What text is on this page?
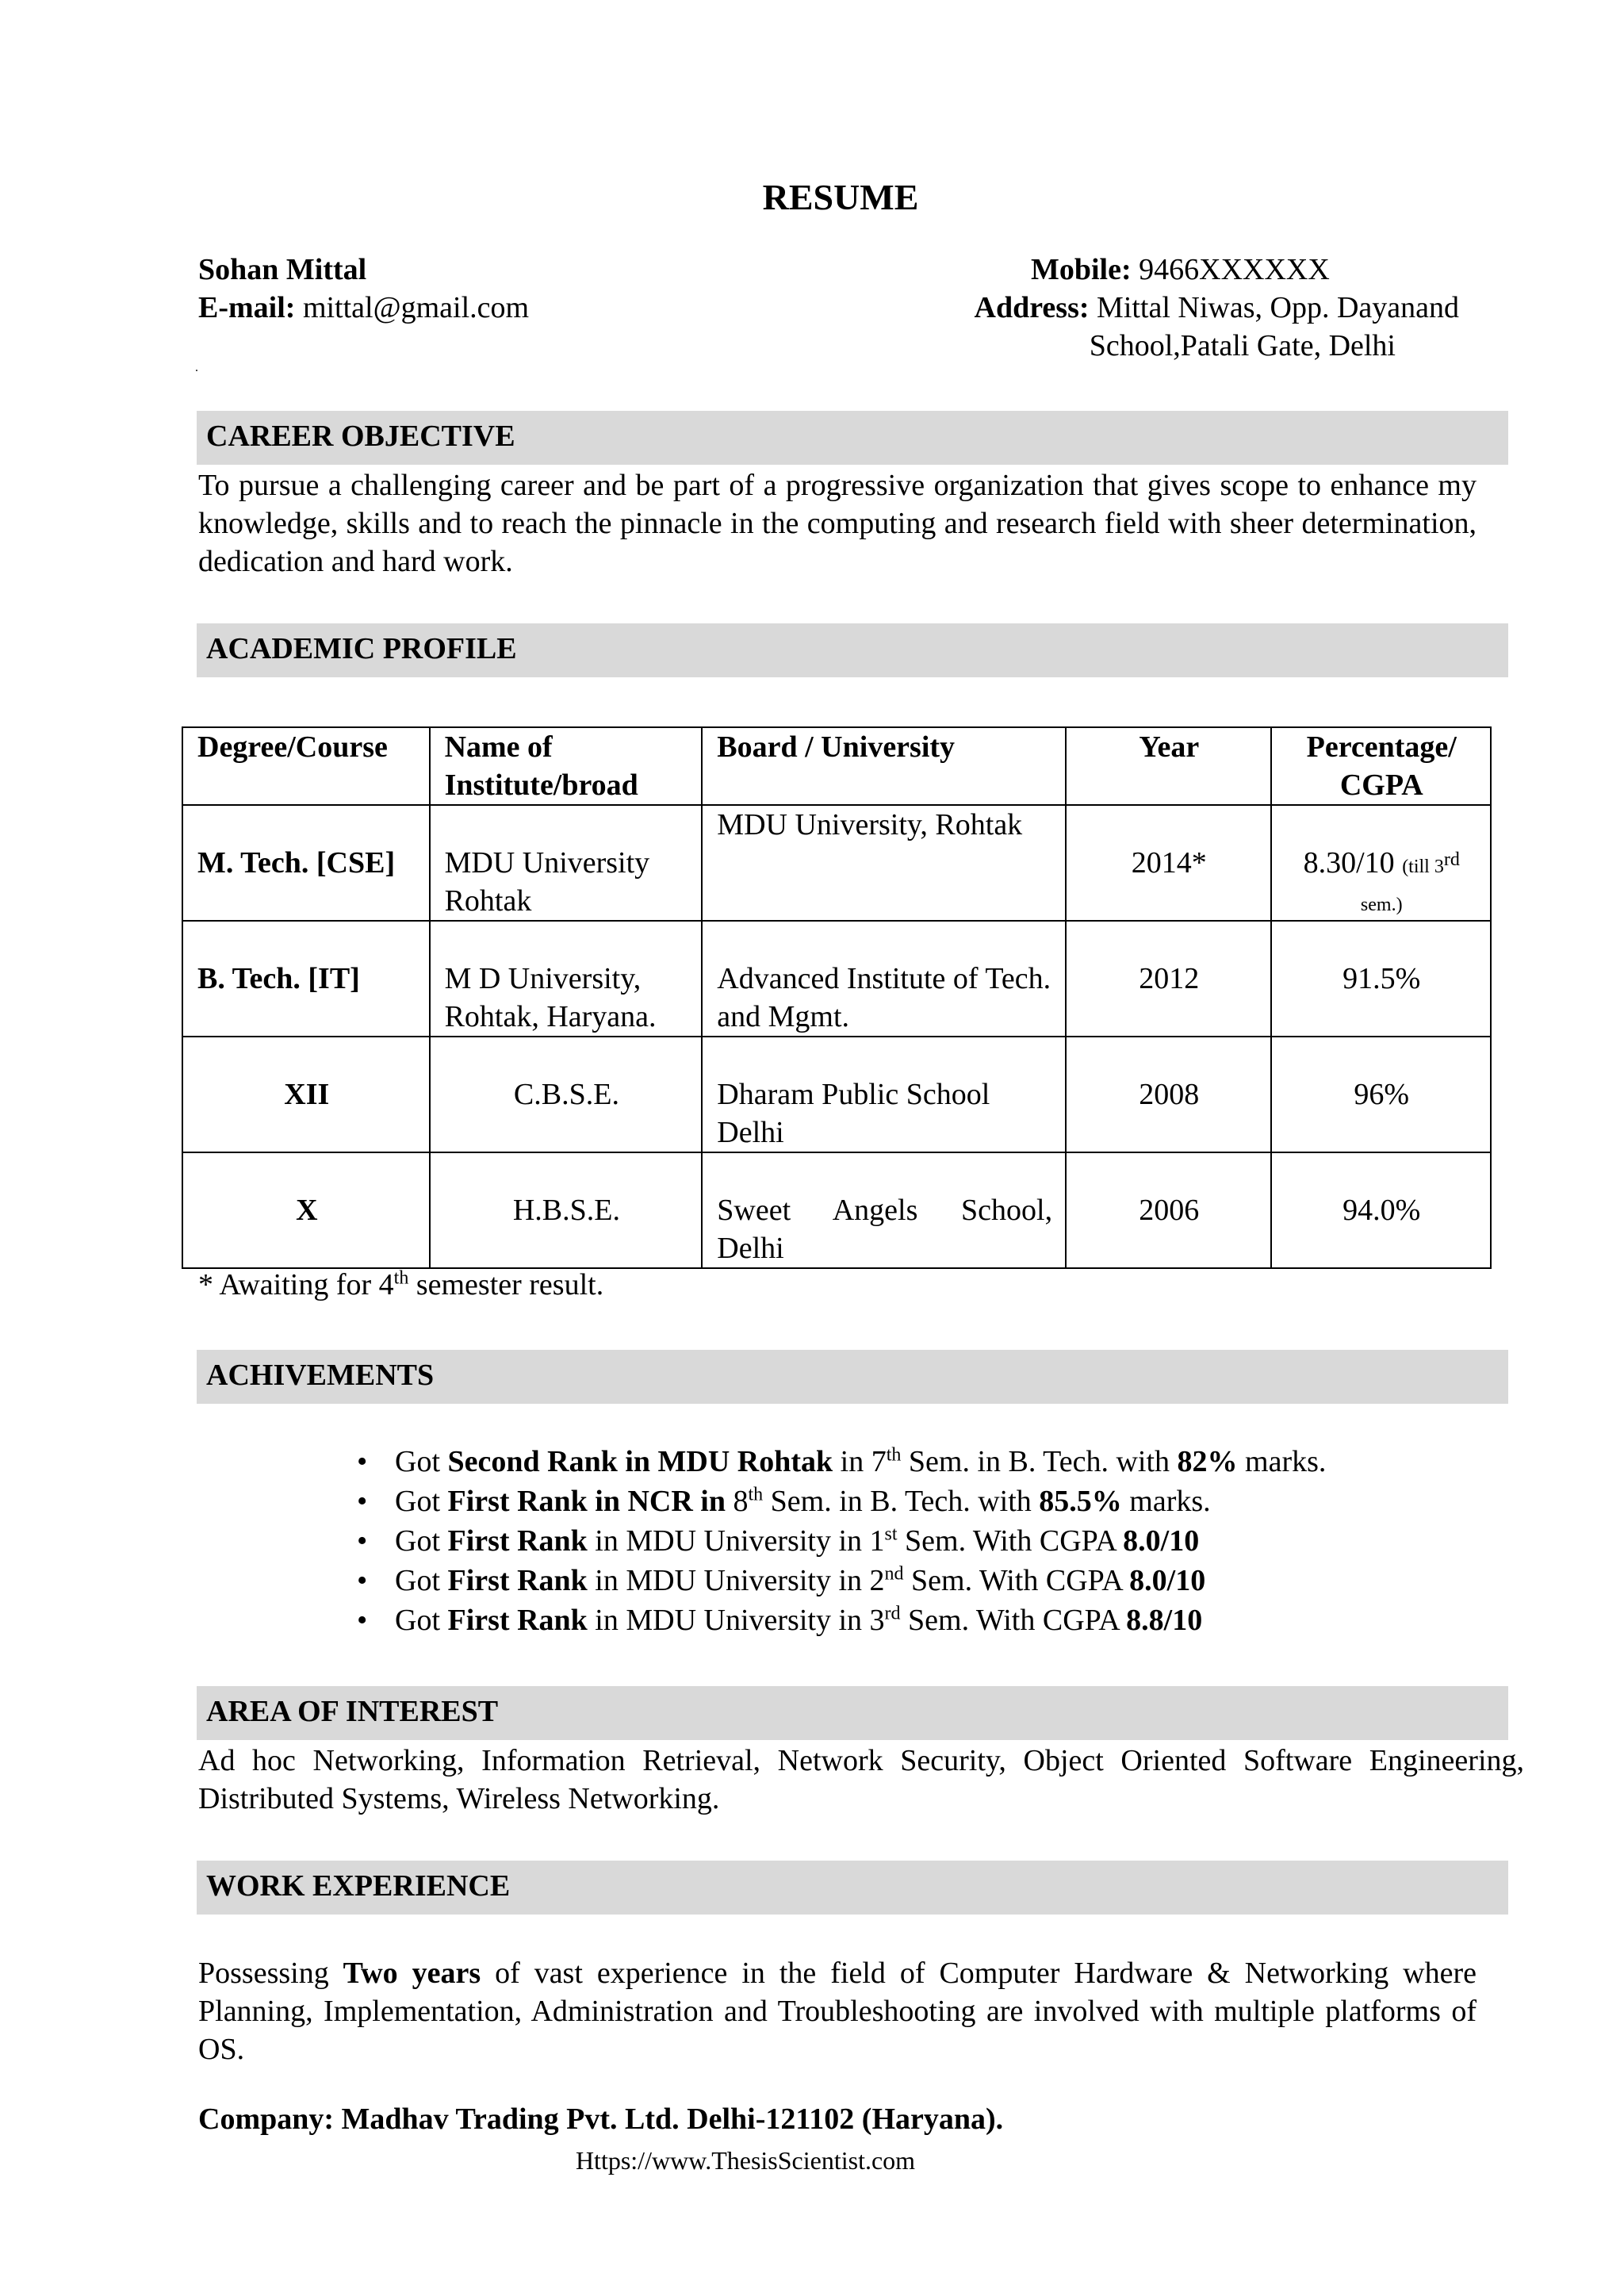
RESUME
Sohan Mittal
E-mail: mittal@gmail.com
Mobile: 9466XXXXXX
Address: Mittal Niwas, Opp. Dayanand
School,Patali Gate, Delhi
.
CAREER OBJECTIVE
To pursue a challenging career and be part of a progressive organization that gives scope to enhance my knowledge, skills and to reach the pinnacle in the computing and research field with sheer determination, dedication and hard work.
ACADEMIC PROFILE
Degree/Course	Name of Institute/broad	Board / University	Year	Percentage/ CGPA
M. Tech. [CSE]	MDU University Rohtak	MDU University, Rohtak	2014*	8.30/10 (till 3rd
sem.)
B. Tech. [IT]	M D University, Rohtak, Haryana.	Advanced Institute of Tech. and Mgmt.	2012	91.5%
XII	C.B.S.E.	Dharam Public School Delhi	2008	96%
X	H.B.S.E.	Sweet Angels School, Delhi	2006	94.0%
* Awaiting for 4th semester result.
ACHIVEMENTS
• Got Second Rank in MDU Rohtak in 7th Sem. in B. Tech. with 82% marks.
• Got First Rank in NCR in 8th Sem. in B. Tech. with 85.5% marks.
• Got First Rank in MDU University in 1st Sem. With CGPA 8.0/10
• Got First Rank in MDU University in 2nd Sem. With CGPA 8.0/10
• Got First Rank in MDU University in 3rd Sem. With CGPA 8.8/10
AREA OF INTEREST
Ad hoc Networking, Information Retrieval, Network Security, Object Oriented Software Engineering, Distributed Systems, Wireless Networking.
WORK EXPERIENCE
Possessing Two years of vast experience in the field of Computer Hardware & Networking where Planning, Implementation, Administration and Troubleshooting are involved with multiple platforms of OS.
Company: Madhav Trading Pvt. Ltd. Delhi-121102 (Haryana).
Https://www.ThesisScientist.com
